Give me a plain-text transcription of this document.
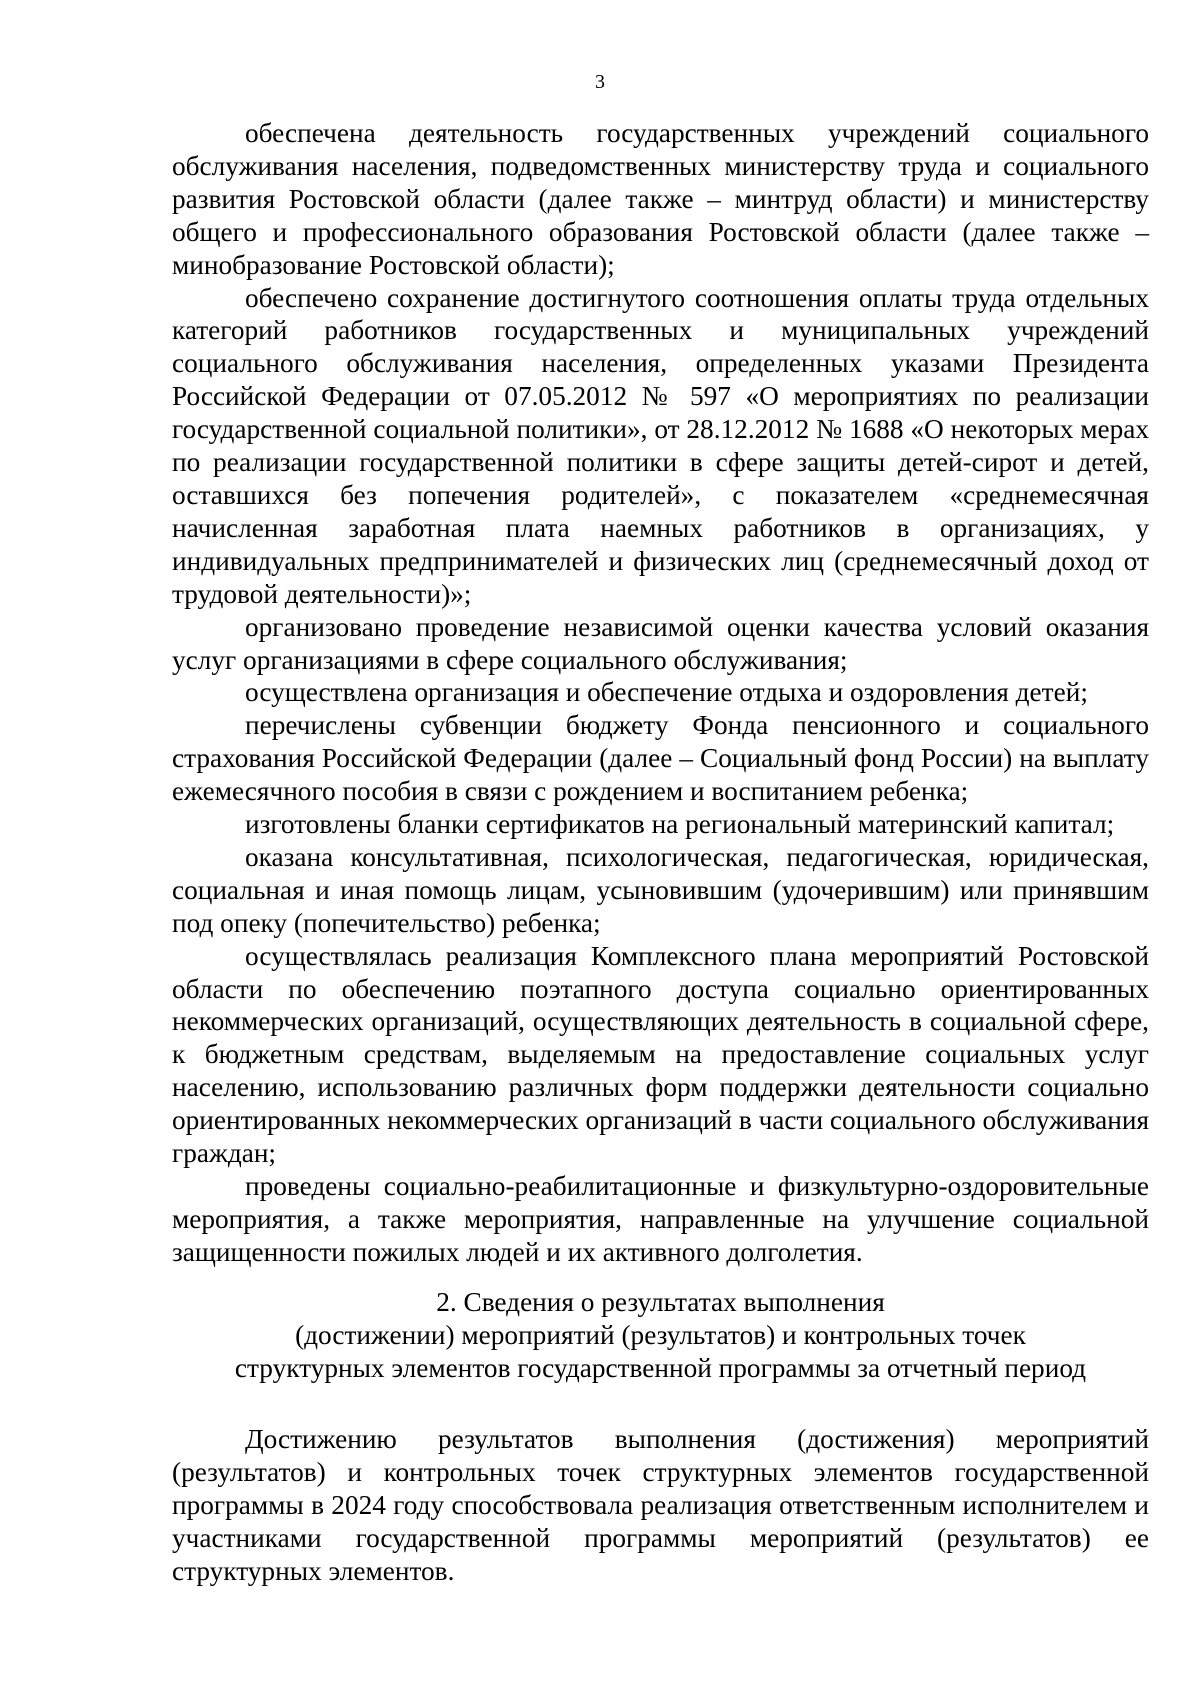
3

обеспечена деятельность государственных учреждений социального обслуживания населения, подведомственных министерству труда и социального развития Ростовской области (далее также – минтруд области) и министерству общего и профессионального образования Ростовской области (далее также – минобразование Ростовской области);

обеспечено сохранение достигнутого соотношения оплаты труда отдельных категорий работников государственных и муниципальных учреждений социального обслуживания населения, определенных указами Президента Российской Федерации от 07.05.2012 № 597 «О мероприятиях по реализации государственной социальной политики», от 28.12.2012 № 1688 «О некоторых мерах по реализации государственной политики в сфере защиты детей-сирот и детей, оставшихся без попечения родителей», с показателем «среднемесячная начисленная заработная плата наемных работников в организациях, у индивидуальных предпринимателей и физических лиц (среднемесячный доход от трудовой деятельности)»;

организовано проведение независимой оценки качества условий оказания услуг организациями в сфере социального обслуживания;

осуществлена организация и обеспечение отдыха и оздоровления детей;

перечислены субвенции бюджету Фонда пенсионного и социального страхования Российской Федерации (далее – Социальный фонд России) на выплату ежемесячного пособия в связи с рождением и воспитанием ребенка;

изготовлены бланки сертификатов на региональный материнский капитал;

оказана консультативная, психологическая, педагогическая, юридическая, социальная и иная помощь лицам, усыновившим (удочерившим) или принявшим под опеку (попечительство) ребенка;

осуществлялась реализация Комплексного плана мероприятий Ростовской области по обеспечению поэтапного доступа социально ориентированных некоммерческих организаций, осуществляющих деятельность в социальной сфере, к бюджетным средствам, выделяемым на предоставление социальных услуг населению, использованию различных форм поддержки деятельности социально ориентированных некоммерческих организаций в части социального обслуживания граждан;

проведены социально-реабилитационные и физкультурно-оздоровительные мероприятия, а также мероприятия, направленные на улучшение социальной защищенности пожилых людей и их активного долголетия.

2. Сведения о результатах выполнения
(достижении) мероприятий (результатов) и контрольных точек
структурных элементов государственной программы за отчетный период

Достижению результатов выполнения (достижения) мероприятий (результатов) и контрольных точек структурных элементов государственной программы в 2024 году способствовала реализация ответственным исполнителем и участниками государственной программы мероприятий (результатов) ее структурных элементов.
